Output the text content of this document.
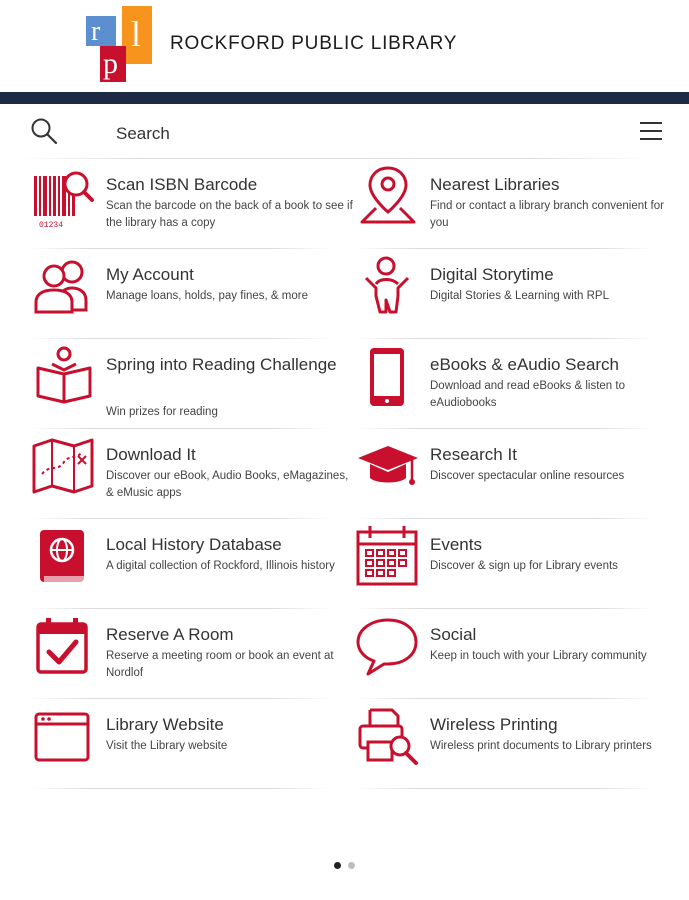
r l
p
ROCKFORD PUBLIC LIBRARY
Search
01234
Scan ISBN Barcode
Scan the barcode on the back of a book to see if the library has a copy
Nearest Libraries
Find or contact a library branch convenient for you
My Account
Manage loans, holds, pay fines, & more
Digital Storytime
Digital Stories & Learning with RPL
Spring into Reading Challenge
Win prizes for reading
eBooks & eAudio Search
Download and read eBooks & listen to eAudiobooks
Download It
Discover our eBook, Audio Books, eMagazines, & eMusic apps
Research It
Discover spectacular online resources
Local History Database
A digital collection of Rockford, Illinois history
Events
Discover & sign up for Library events
Reserve A Room
Reserve a meeting room or book an event at Nordlof
Social
Keep in touch with your Library community
Library Website
Visit the Library website
Wireless Printing
Wireless print documents to Library printers
